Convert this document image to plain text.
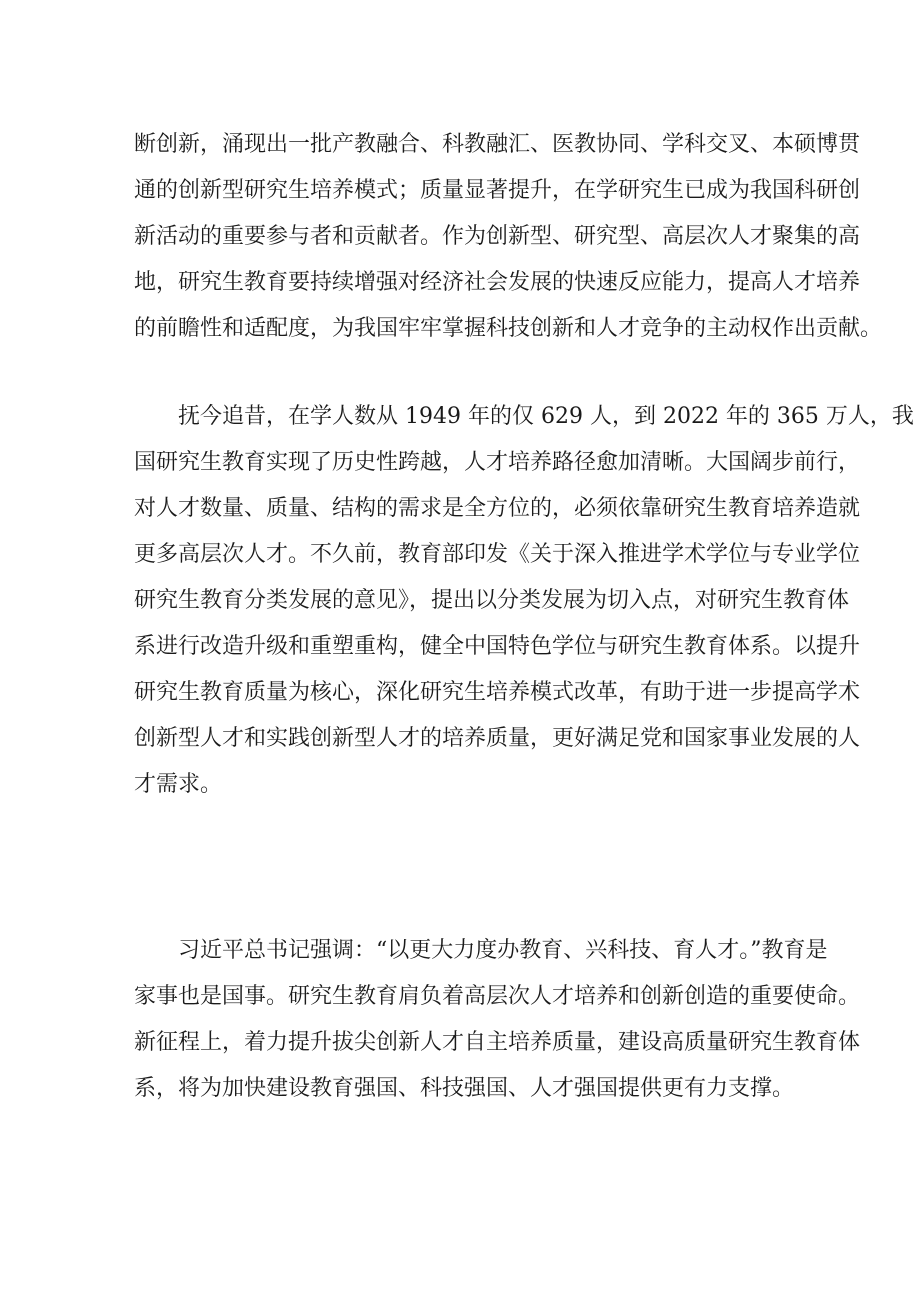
断创新，涌现出一批产教融合、科教融汇、医教协同、学科交叉、本硕博贯
通的创新型研究生培养模式；质量显著提升，在学研究生已成为我国科研创
新活动的重要参与者和贡献者。作为创新型、研究型、高层次人才聚集的高
地，研究生教育要持续增强对经济社会发展的快速反应能力，提高人才培养
的前瞻性和适配度，为我国牢牢掌握科技创新和人才竞争的主动权作出贡献。
抚今追昔，在学人数从 1949 年的仅 629 人，到 2022 年的 365 万人，我
国研究生教育实现了历史性跨越，人才培养路径愈加清晰。大国阔步前行，
对人才数量、质量、结构的需求是全方位的，必须依靠研究生教育培养造就
更多高层次人才。不久前，教育部印发《关于深入推进学术学位与专业学位
研究生教育分类发展的意见》，提出以分类发展为切入点，对研究生教育体
系进行改造升级和重塑重构，健全中国特色学位与研究生教育体系。以提升
研究生教育质量为核心，深化研究生培养模式改革，有助于进一步提高学术
创新型人才和实践创新型人才的培养质量，更好满足党和国家事业发展的人
才需求。
习近平总书记强调：“以更大力度办教育、兴科技、育人才。”教育是
家事也是国事。研究生教育肩负着高层次人才培养和创新创造的重要使命。
新征程上，着力提升拔尖创新人才自主培养质量，建设高质量研究生教育体
系，将为加快建设教育强国、科技强国、人才强国提供更有力支撑。
